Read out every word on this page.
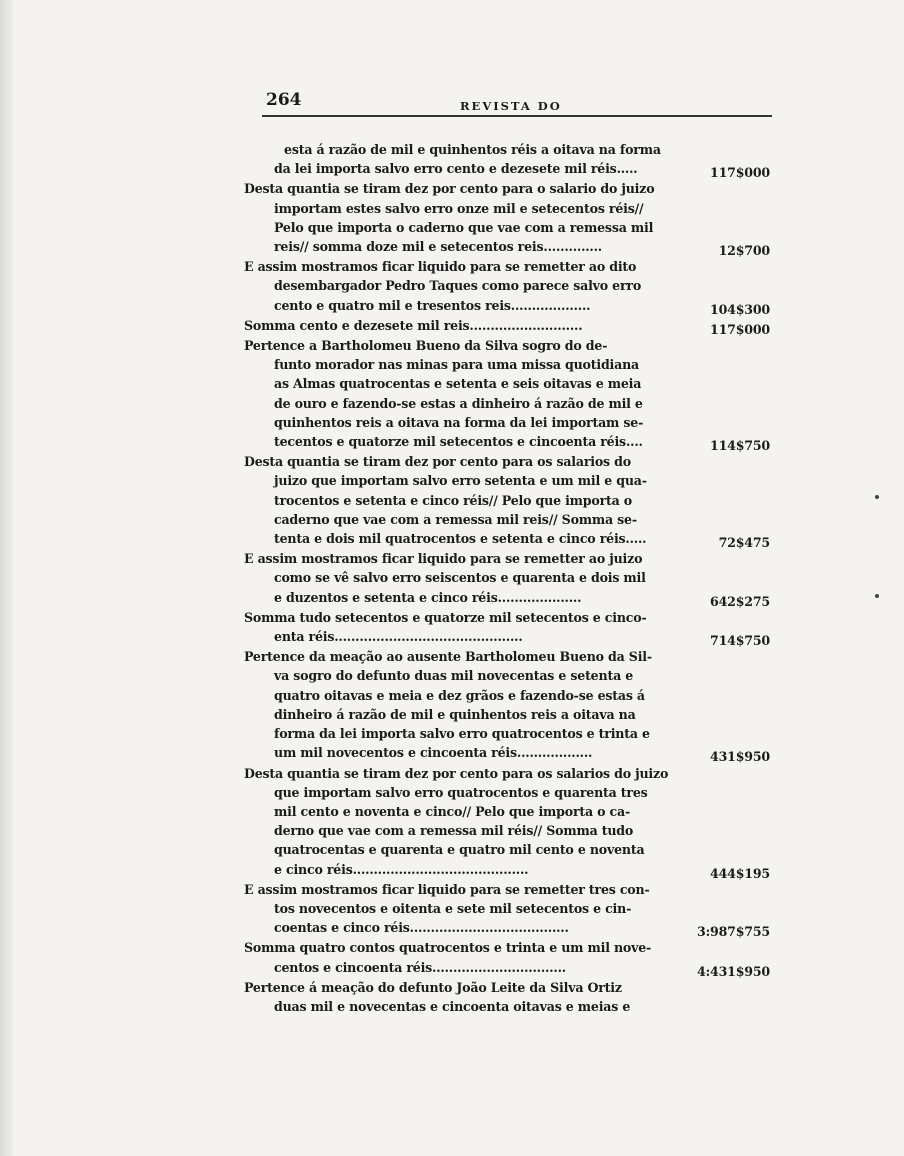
264	REVISTA DO
esta á razão de mil e quinhentos réis a oitava na forma
da lei importa salvo erro cento e dezesete mil réis.....	117$000
Desta quantia se tiram dez por cento para o salario do juizo
importam estes salvo erro onze mil e setecentos réis//
Pelo que importa o caderno que vae com a remessa mil
reis// somma doze mil e setecentos reis..............	12$700
E assim mostramos ficar liquido para se remetter ao dito
desembargador Pedro Taques como parece salvo erro
cento e quatro mil e tresentos reis...................	104$300
Somma cento e dezesete mil reis...........................	117$000
Pertence a Bartholomeu Bueno da Silva sogro do de-
funto morador nas minas para uma missa quotidiana
as Almas quatrocentas e setenta e seis oitavas e meia
de ouro e fazendo-se estas a dinheiro á razão de mil e
quinhentos reis a oitava na forma da lei importam se-
tecentos e quatorze mil setecentos e cincoenta réis....	114$750
Desta quantia se tiram dez por cento para os salarios do
juizo que importam salvo erro setenta e um mil e qua-
trocentos e setenta e cinco réis// Pelo que importa o
caderno que vae com a remessa mil reis// Somma se-
tenta e dois mil quatrocentos e setenta e cinco réis.....	72$475
E assim mostramos ficar liquido para se remetter ao juizo
como se vê salvo erro seiscentos e quarenta e dois mil
e duzentos e setenta e cinco réis....................	642$275
Somma tudo setecentos e quatorze mil setecentos e cinco-
enta réis.............................................	714$750
Pertence da meação ao ausente Bartholomeu Bueno da Sil-
va sogro do defunto duas mil novecentas e setenta e
quatro oitavas e meia e dez grãos e fazendo-se estas á
dinheiro á razão de mil e quinhentos reis a oitava na
forma da lei importa salvo erro quatrocentos e trinta e
um mil novecentos e cincoenta réis..................	431$950
Desta quantia se tiram dez por cento para os salarios do juizo
que importam salvo erro quatrocentos e quarenta tres
mil cento e noventa e cinco// Pelo que importa o ca-
derno que vae com a remessa mil réis// Somma tudo
quatrocentas e quarenta e quatro mil cento e noventa
e cinco réis..........................................	444$195
E assim mostramos ficar liquido para se remetter tres con-
tos novecentos e oitenta e sete mil setecentos e cin-
coentas e cinco réis......................................	3:987$755
Somma quatro contos quatrocentos e trinta e um mil nove-
centos e cincoenta réis................................	4:431$950
Pertence á meação do defunto João Leite da Silva Ortiz
duas mil e novecentas e cincoenta oitavas e meias e
